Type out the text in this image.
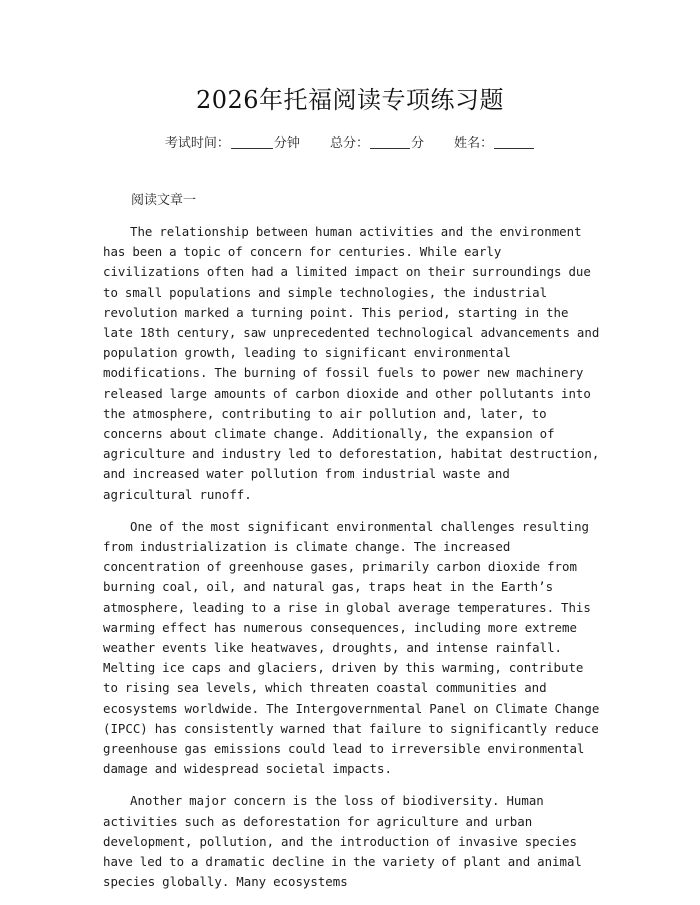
2026年托福阅读专项练习题
考试时间：	分钟 总分：	分 姓名：

阅读文章一

The relationship between human activities and the environment has been a topic of concern for centuries. While early civilizations often had a limited impact on their surroundings due to small populations and simple technologies, the industrial revolution marked a turning point. This period, starting in the late 18th century, saw unprecedented technological advancements and population growth, leading to significant environmental modifications. The burning of fossil fuels to power new machinery released large amounts of carbon dioxide and other pollutants into the atmosphere, contributing to air pollution and, later, to concerns about climate change. Additionally, the expansion of agriculture and industry led to deforestation, habitat destruction, and increased water pollution from industrial waste and agricultural runoff.

One of the most significant environmental challenges resulting from industrialization is climate change. The increased concentration of greenhouse gases, primarily carbon dioxide from burning coal, oil, and natural gas, traps heat in the Earth’s atmosphere, leading to a rise in global average temperatures. This warming effect has numerous consequences, including more extreme weather events like heatwaves, droughts, and intense rainfall. Melting ice caps and glaciers, driven by this warming, contribute to rising sea levels, which threaten coastal communities and ecosystems worldwide. The Intergovernmental Panel on Climate Change (IPCC) has consistently warned that failure to significantly reduce greenhouse gas emissions could lead to irreversible environmental damage and widespread societal impacts.

Another major concern is the loss of biodiversity. Human activities such as deforestation for agriculture and urban development, pollution, and the introduction of invasive species have led to a dramatic decline in the variety of plant and animal species globally. Many ecosystems
